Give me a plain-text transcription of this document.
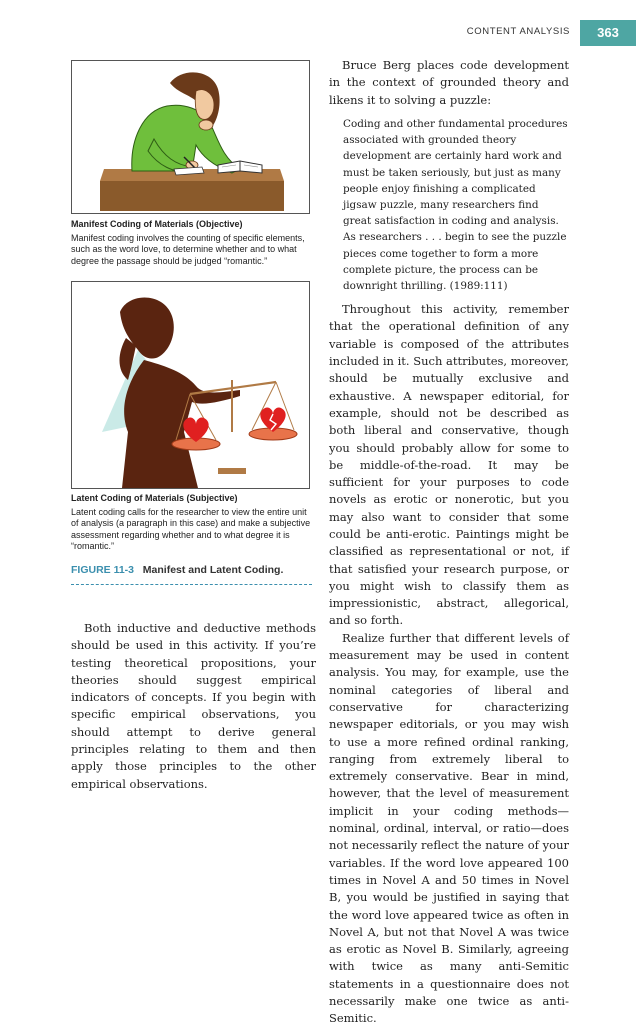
CONTENT ANALYSIS	363
Manifest Coding of Materials (Objective)
Manifest coding involves the counting of specific elements, such as the word love, to determine whether and to what degree the passage should be judged “romantic.”
Latent Coding of Materials (Subjective)
Latent coding calls for the researcher to view the entire unit of analysis (a paragraph in this case) and make a subjective assessment regarding whether and to what degree it is “romantic.”
FIGURE 11-3 Manifest and Latent Coding.

Both inductive and deductive methods should be used in this activity. If you’re testing theoretical propositions, your theories should suggest empirical indicators of concepts. If you begin with specific empirical observations, you should attempt to derive general principles relating to them and then apply those principles to the other empirical observations.

Bruce Berg places code development in the context of grounded theory and likens it to solving a puzzle:

Coding and other fundamental procedures associated with grounded theory development are certainly hard work and must be taken seriously, but just as many people enjoy finishing a complicated jigsaw puzzle, many researchers find great satisfaction in coding and analysis. As researchers . . . begin to see the puzzle pieces come together to form a more complete picture, the process can be downright thrilling. (1989:111)

Throughout this activity, remember that the operational definition of any variable is composed of the attributes included in it. Such attributes, moreover, should be mutually exclusive and exhaustive. A newspaper editorial, for example, should not be described as both liberal and conservative, though you should probably allow for some to be middle-of-the-road. It may be sufficient for your purposes to code novels as erotic or nonerotic, but you may also want to consider that some could be anti-erotic. Paintings might be classified as representational or not, if that satisfied your research purpose, or you might wish to classify them as impressionistic, abstract, allegorical, and so forth.

Realize further that different levels of measurement may be used in content analysis. You may, for example, use the nominal categories of liberal and conservative for characterizing newspaper editorials, or you may wish to use a more refined ordinal ranking, ranging from extremely liberal to extremely conservative. Bear in mind, however, that the level of measurement implicit in your coding methods—nominal, ordinal, interval, or ratio—does not necessarily reflect the nature of your variables. If the word love appeared 100 times in Novel A and 50 times in Novel B, you would be justified in saying that the word love appeared twice as often in Novel A, but not that Novel A was twice as erotic as Novel B. Similarly, agreeing with twice as many anti-Semitic statements in a questionnaire does not necessarily make one twice as anti-Semitic.
